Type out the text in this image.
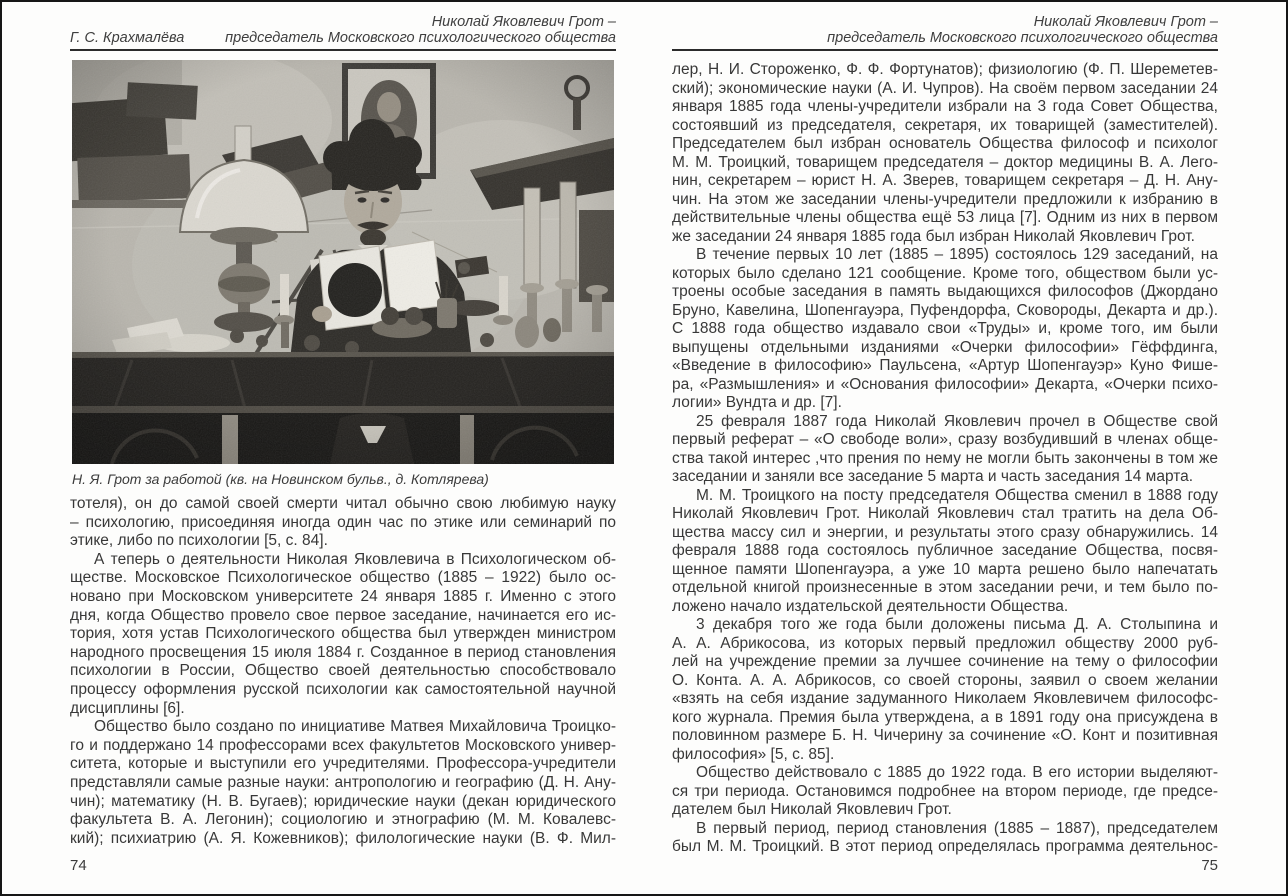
Николай Яковлевич Грот –
председатель Московского психологического общества
Г. С. Крахмалёва
Н. Я. Грот за работой (кв. на Новинском бульв., д. Котлярева)
тотеля), он до самой своей смерти читал обычно свою любимую науку
– психологию, присоединяя иногда один час по этике или семинарий по
этике, либо по психологии [5, с. 84].
А теперь о деятельности Николая Яковлевича в Психологическом об-
ществе. Московское Психологическое общество (1885 – 1922) было ос-
новано при Московском университете 24 января 1885 г. Именно с этого
дня, когда Общество провело свое первое заседание, начинается его ис-
тория, хотя устав Психологического общества был утвержден министром
народного просвещения 15 июля 1884 г. Созданное в период становления
психологии в России, Общество своей деятельностью способствовало
процессу оформления русской психологии как самостоятельной научной
дисциплины [6].
Общество было создано по инициативе Матвея Михайловича Троицко-
го и поддержано 14 профессорами всех факультетов Московского универ-
ситета, которые и выступили его учредителями. Профессора-учредители
представляли самые разные науки: антропологию и географию (Д. Н. Ану-
чин); математику (Н. В. Бугаев); юридические науки (декан юридического
факультета В. А. Легонин); социологию и этнографию (М. М. Ковалевс-
кий); психиатрию (А. Я. Кожевников); филологические науки (В. Ф. Мил-
74
Николай Яковлевич Грот –
председатель Московского психологического общества
лер, Н. И. Стороженко, Ф. Ф. Фортунатов); физиологию (Ф. П. Шереметев-
ский); экономические науки (А. И. Чупров). На своём первом заседании 24
января 1885 года члены-учредители избрали на 3 года Совет Общества,
состоявший из председателя, секретаря, их товарищей (заместителей).
Председателем был избран основатель Общества философ и психолог
М. М. Троицкий, товарищем председателя – доктор медицины В. А. Лего-
нин, секретарем – юрист Н. А. Зверев, товарищем секретаря – Д. Н. Ану-
чин. На этом же заседании члены-учредители предложили к избранию в
действительные члены общества ещё 53 лица [7]. Одним из них в первом
же заседании 24 января 1885 года был избран Николай Яковлевич Грот.
В течение первых 10 лет (1885 – 1895) состоялось 129 заседаний, на
которых было сделано 121 сообщение. Кроме того, обществом были ус-
троены особые заседания в память выдающихся философов (Джордано
Бруно, Кавелина, Шопенгауэра, Пуфендорфа, Сковороды, Декарта и др.).
С 1888 года общество издавало свои «Труды» и, кроме того, им были
выпущены отдельными изданиями «Очерки философии» Гёффдинга,
«Введение в философию» Паульсена, «Артур Шопенгауэр» Куно Фише-
ра, «Размышления» и «Основания философии» Декарта, «Очерки психо-
логии» Вундта и др. [7].
25 февраля 1887 года Николай Яковлевич прочел в Обществе свой
первый реферат – «О свободе воли», сразу возбудивший в членах обще-
ства такой интерес ,что прения по нему не могли быть закончены в том же
заседании и заняли все заседание 5 марта и часть заседания 14 марта.
М. М. Троицкого на посту председателя Общества сменил в 1888 году
Николай Яковлевич Грот. Николай Яковлевич стал тратить на дела Об-
щества массу сил и энергии, и результаты этого сразу обнаружились. 14
февраля 1888 года состоялось публичное заседание Общества, посвя-
щенное памяти Шопенгауэра, а уже 10 марта решено было напечатать
отдельной книгой произнесенные в этом заседании речи, и тем было по-
ложено начало издательской деятельности Общества.
3 декабря того же года были доложены письма Д. А. Столыпина и
А. А. Абрикосова, из которых первый предложил обществу 2000 руб-
лей на учреждение премии за лучшее сочинение на тему о философии
О. Конта. А. А. Абрикосов, со своей стороны, заявил о своем желании
«взять на себя издание задуманного Николаем Яковлевичем философс-
кого журнала. Премия была утверждена, а в 1891 году она присуждена в
половинном размере Б. Н. Чичерину за сочинение «О. Конт и позитивная
философия» [5, с. 85].
Общество действовало с 1885 до 1922 года. В его истории выделяют-
ся три периода. Остановимся подробнее на втором периоде, где предсе-
дателем был Николай Яковлевич Грот.
В первый период, период становления (1885 – 1887), председателем
был М. М. Троицкий. В этот период определялась программа деятельнос-
75
